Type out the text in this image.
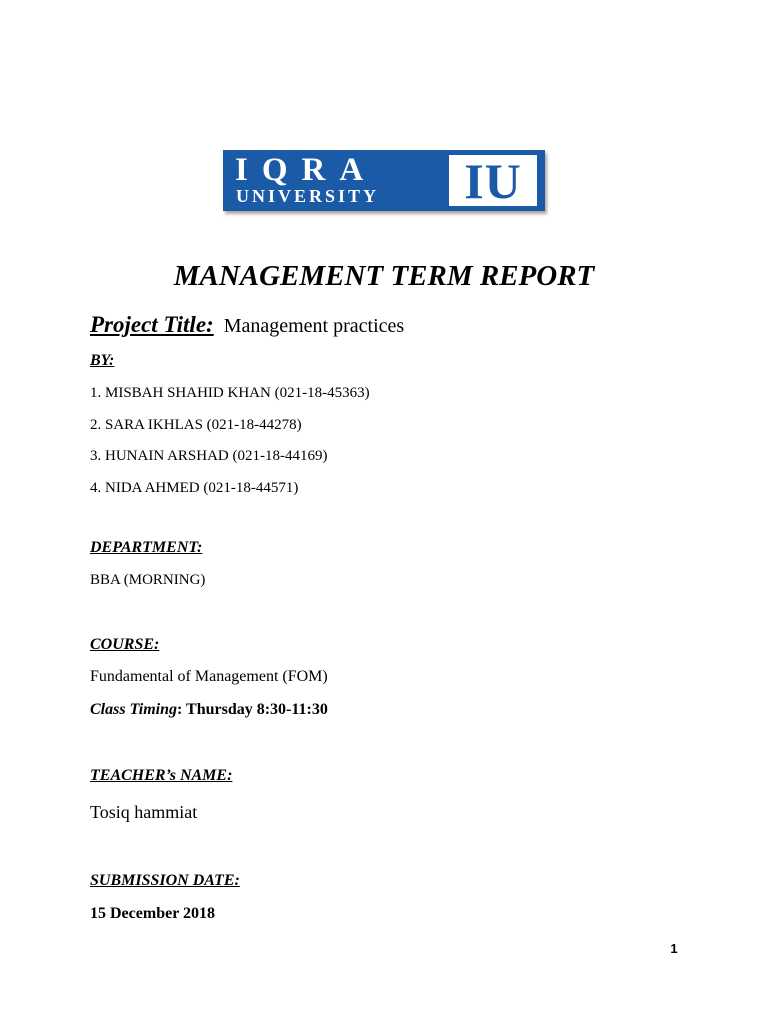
IQRA
UNIVERSITY	IU
MANAGEMENT TERM REPORT
Project Title: Management practices
BY:
1. MISBAH SHAHID KHAN (021-18-45363)
2. SARA IKHLAS (021-18-44278)
3. HUNAIN ARSHAD (021-18-44169)
4. NIDA AHMED (021-18-44571)
DEPARTMENT:
BBA (MORNING)
COURSE:
Fundamental of Management (FOM)
Class Timing: Thursday 8:30-11:30
TEACHER’s NAME:
Tosiq hammiat
SUBMISSION DATE:
15 December 2018
1
